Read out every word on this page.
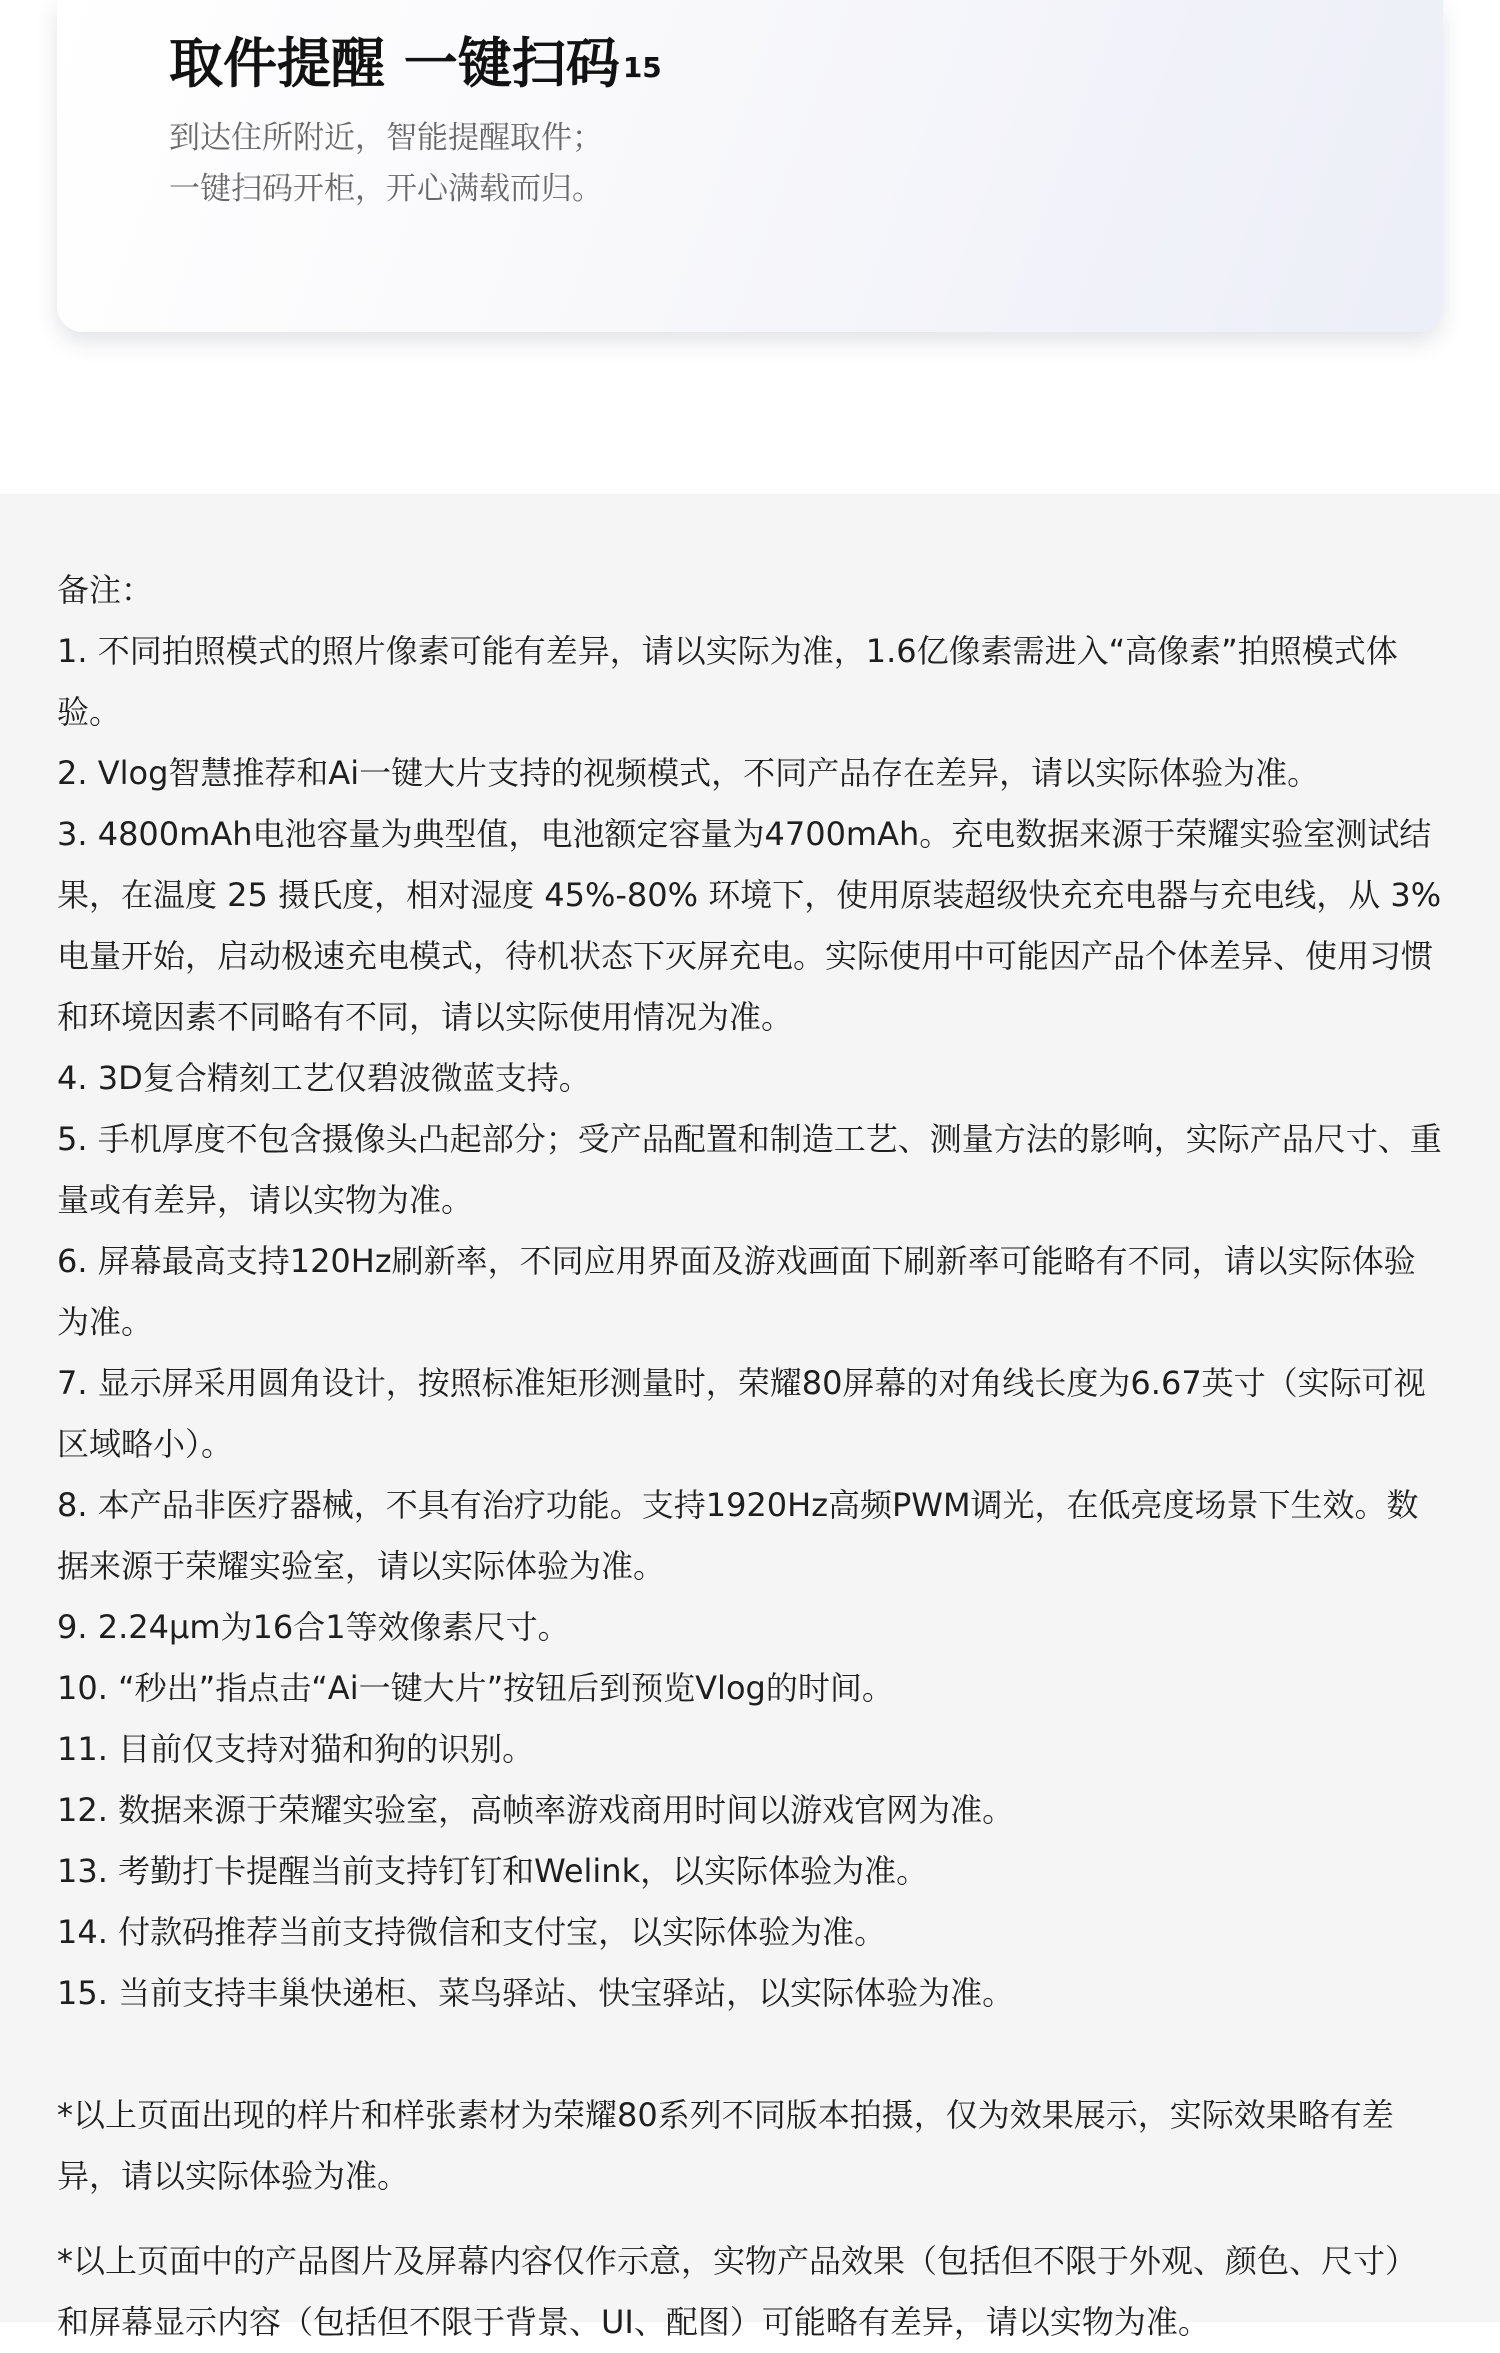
取件提醒 一键扫码 $^{15}$
到达住所附近，智能提醒取件；
一键扫码开柜，开心满载而归。

备注：

1. 不同拍照模式的照片像素可能有差异，请以实际为准，1.6亿像素需进入“高像素”拍照模式体验。

2. Vlog智慧推荐和Ai一键大片支持的视频模式，不同产品存在差异，请以实际体验为准。

3. 4800mAh电池容量为典型值，电池额定容量为4700mAh。充电数据来源于荣耀实验室测试结果，在温度 25 摄氏度，相对湿度 45%-80% 环境下，使用原装超级快充充电器与充电线，从 3% 电量开始，启动极速充电模式，待机状态下灭屏充电。实际使用中可能因产品个体差异、使用习惯和环境因素不同略有不同，请以实际使用情况为准。

4. 3D复合精刻工艺仅碧波微蓝支持。

5. 手机厚度不包含摄像头凸起部分；受产品配置和制造工艺、测量方法的影响，实际产品尺寸、重量或有差异，请以实物为准。

6. 屏幕最高支持120Hz刷新率，不同应用界面及游戏画面下刷新率可能略有不同，请以实际体验为准。

7. 显示屏采用圆角设计，按照标准矩形测量时，荣耀80屏幕的对角线长度为6.67英寸（实际可视区域略小）。

8. 本产品非医疗器械，不具有治疗功能。支持1920Hz高频PWM调光，在低亮度场景下生效。数据来源于荣耀实验室，请以实际体验为准。

9. 2.24μm为16合1等效像素尺寸。

10. “秒出”指点击“Ai一键大片”按钮后到预览Vlog的时间。

11. 目前仅支持对猫和狗的识别。

12. 数据来源于荣耀实验室，高帧率游戏商用时间以游戏官网为准。

13. 考勤打卡提醒当前支持钉钉和Welink，以实际体验为准。

14. 付款码推荐当前支持微信和支付宝，以实际体验为准。

15. 当前支持丰巢快递柜、菜鸟驿站、快宝驿站，以实际体验为准。

*以上页面出现的样片和样张素材为荣耀80系列不同版本拍摄，仅为效果展示，实际效果略有差异，请以实际体验为准。

*以上页面中的产品图片及屏幕内容仅作示意，实物产品效果（包括但不限于外观、颜色、尺寸）和屏幕显示内容（包括但不限于背景、UI、配图）可能略有差异，请以实物为准。
